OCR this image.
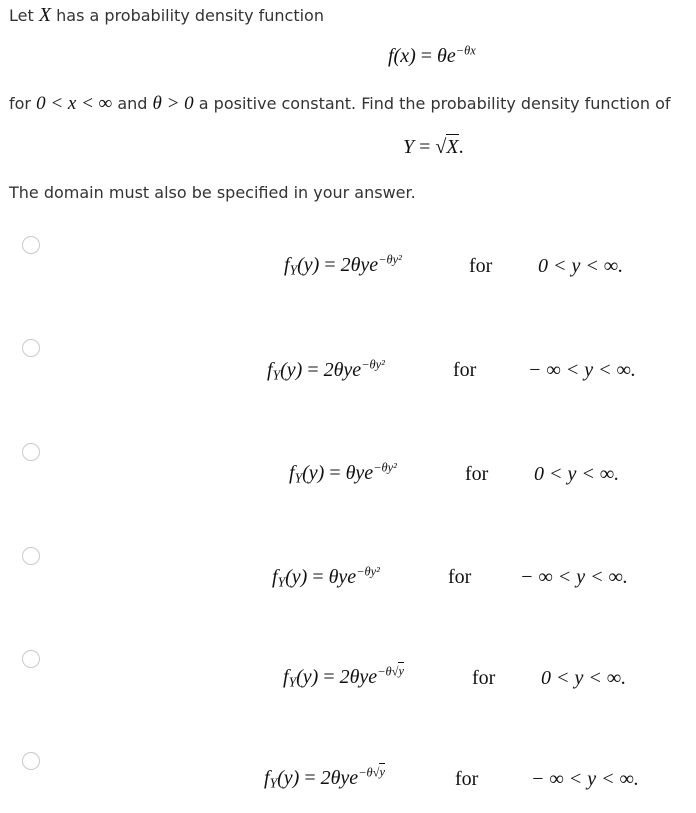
Let X has a probability density function
$f(x) = \theta e^{-\theta x}$
for 0 < x < ∞ and θ > 0 a positive constant. Find the probability density function of
Y = √X.
The domain must also be specified in your answer.
$f_Y(y) = 2\theta ye^{-\theta y^2}$	for 0 < y < ∞.
$f_Y(y) = 2\theta ye^{-\theta y^2}$	for	− ∞ < y < ∞.
$f_Y(y) = \theta ye^{-\theta y^2}$	for 0 < y < ∞.
$f_Y(y) = \theta ye^{-\theta y^2}$	for − ∞ < y < ∞.
$f_Y(y) = 2\theta ye^{-\theta√y}$	for 0 < y < ∞.
$f_Y(y) = 2\theta ye^{-\theta√y}$	for	− ∞ < y < ∞.
